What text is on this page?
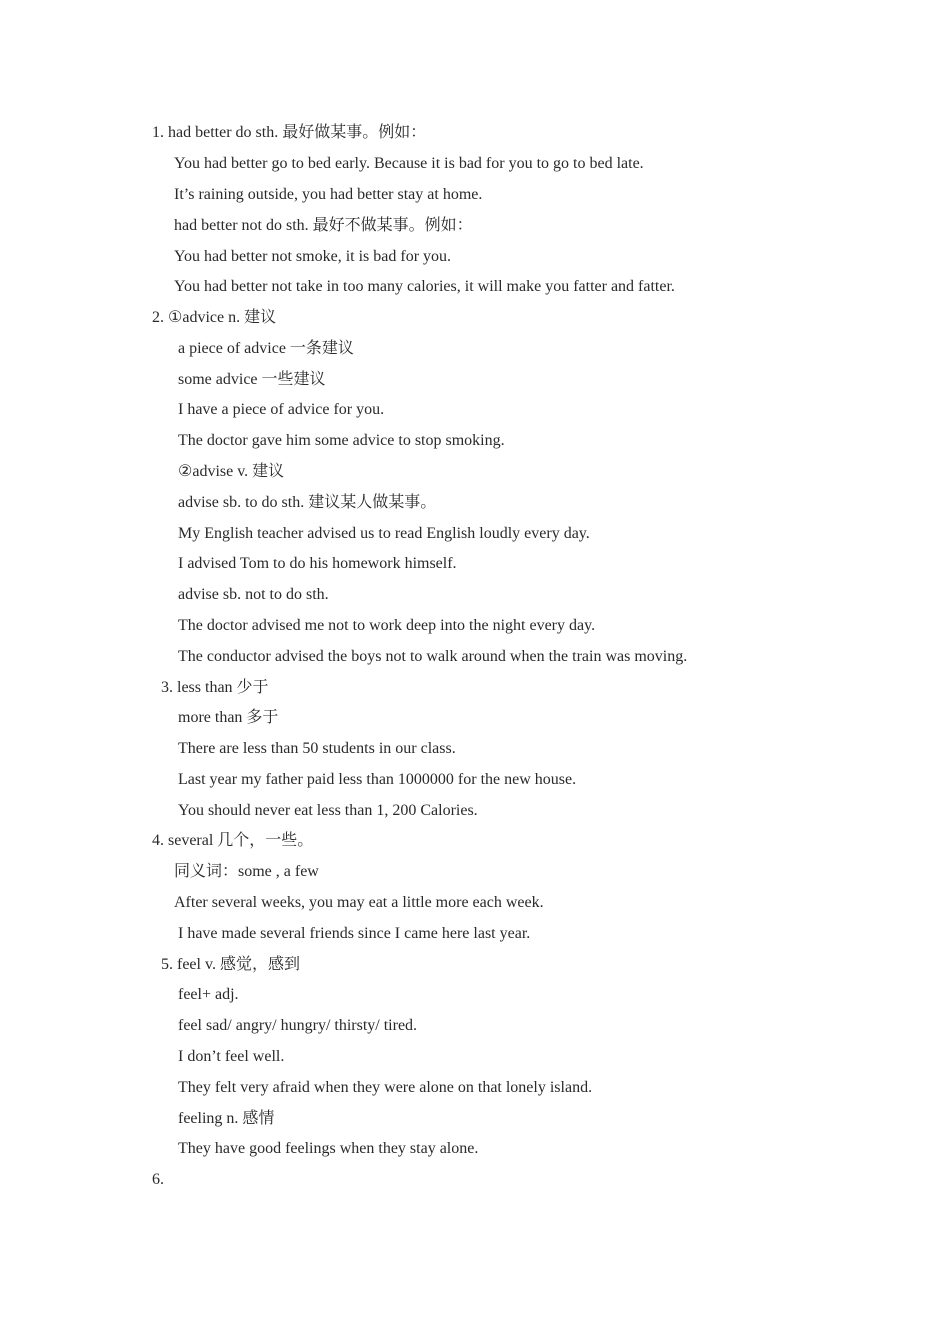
1. had better do sth. 最好做某事。例如：

You had better go to bed early. Because it is bad for you to go to bed late.

It’s raining outside, you had better stay at home.

had better not do sth. 最好不做某事。例如：

You had better not smoke, it is bad for you.

You had better not take in too many calories, it will make you fatter and fatter.

2. ①advice n. 建议

a piece of advice 一条建议

some advice 一些建议

I have a piece of advice for you.

The doctor gave him some advice to stop smoking.

②advise v. 建议

advise sb. to do sth. 建议某人做某事。

My English teacher advised us to read English loudly every day.

I advised Tom to do his homework himself.

advise sb. not to do sth.

The doctor advised me not to work deep into the night every day.

The conductor advised the boys not to walk around when the train was moving.

3. less than 少于

more than 多于

There are less than 50 students in our class.

Last year my father paid less than 1000000 for the new house.

You should never eat less than 1, 200 Calories.

4. several 几个，一些。

同义词：some , a few

After several weeks, you may eat a little more each week.

I have made several friends since I came here last year.

5. feel v. 感觉，感到

feel+ adj.

feel sad/ angry/ hungry/ thirsty/ tired.

I don’t feel well.

They felt very afraid when they were alone on that lonely island.

feeling n. 感情

They have good feelings when they stay alone.

6.
